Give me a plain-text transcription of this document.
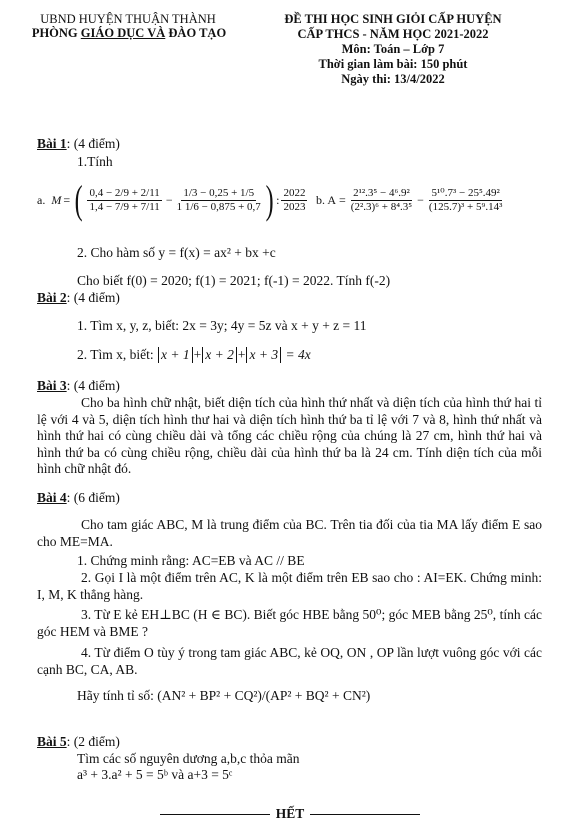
UBND HUYỆN THUẬN THÀNH
PHÒNG GIÁO DỤC VÀ ĐÀO TẠO
ĐỀ THI HỌC SINH GIỎI CẤP HUYỆN
CẤP THCS - NĂM HỌC 2021-2022
Môn: Toán – Lớp 7
Thời gian làm bài: 150 phút
Ngày thi: 13/4/2022
Bài 1: (4 điểm)
1.Tính
a. M = ( $\frac{0,4 - 2/9 + 2/11}{1,4 - 7/9 + 7/11} - \frac{1/3 - 0,25 + 1/5}{1 1/6 - 0,875 + 0,7}$ ) : $\frac{2022}{2023} b$. $A = \frac{\text{2¹².3⁵ − 4⁶.9²}}{\text{(2².3)⁶ + 8⁴.3⁵}} - \frac{\text{5¹⁰.7³ − 25⁵.49²}}{\text{(125.7)³ + 5⁹.14³}}$
2. Cho hàm số y = f(x) = ax² + bx +c
Cho biết f(0) = 2020; f(1) = 2021; f(-1) = 2022. Tính f(-2)
Bài 2: (4 điểm)
1. Tìm x, y, z, biết: 2x = 3y; 4y = 5z và x + y + z = 11
2. Tìm x, biết: x + 1 + x + 2 + x + 3 = 4x
Bài 3: (4 điểm)
Cho ba hình chữ nhật, biết diện tích của hình thứ nhất và diện tích của hình thứ hai tỉ lệ với 4 và 5, diện tích hình thư hai và diện tích hình thứ ba tỉ lệ với 7 và 8, hình thứ nhất và hình thứ hai có cùng chiều dài và tổng các chiều rộng của chúng là 27 cm, hình thứ hai và hình thứ ba có cùng chiều rộng, chiều dài của hình thứ ba là 24 cm. Tính diện tích của mỗi hình chữ nhật đó.
Bài 4: (6 điểm)
Cho tam giác ABC, M là trung điểm của BC. Trên tia đối của tia MA lấy điểm E sao cho ME=MA.
1. Chứng minh rằng: AC=EB và AC // BE
2. Gọi I là một điểm trên AC, K là một điểm trên EB sao cho : AI=EK. Chứng minh: I, M, K thẳng hàng.
3. Từ E kẻ EH⊥BC (H ∈ BC). Biết góc HBE bằng 50⁰; góc MEB bằng 25⁰, tính các góc HEM và BME ?
4. Từ điểm O tùy ý trong tam giác ABC, kẻ OQ, ON , OP lần lượt vuông góc với các cạnh BC, CA, AB.
Hãy tính tỉ số: (AN² + BP² + CQ²)/(AP² + BQ² + CN²)
Bài 5: (2 điểm)
Tìm các số nguyên dương a,b,c thỏa mãn
a³ + 3.a² + 5 = 5ᵇ và a+3 = 5ᶜ
HẾT
